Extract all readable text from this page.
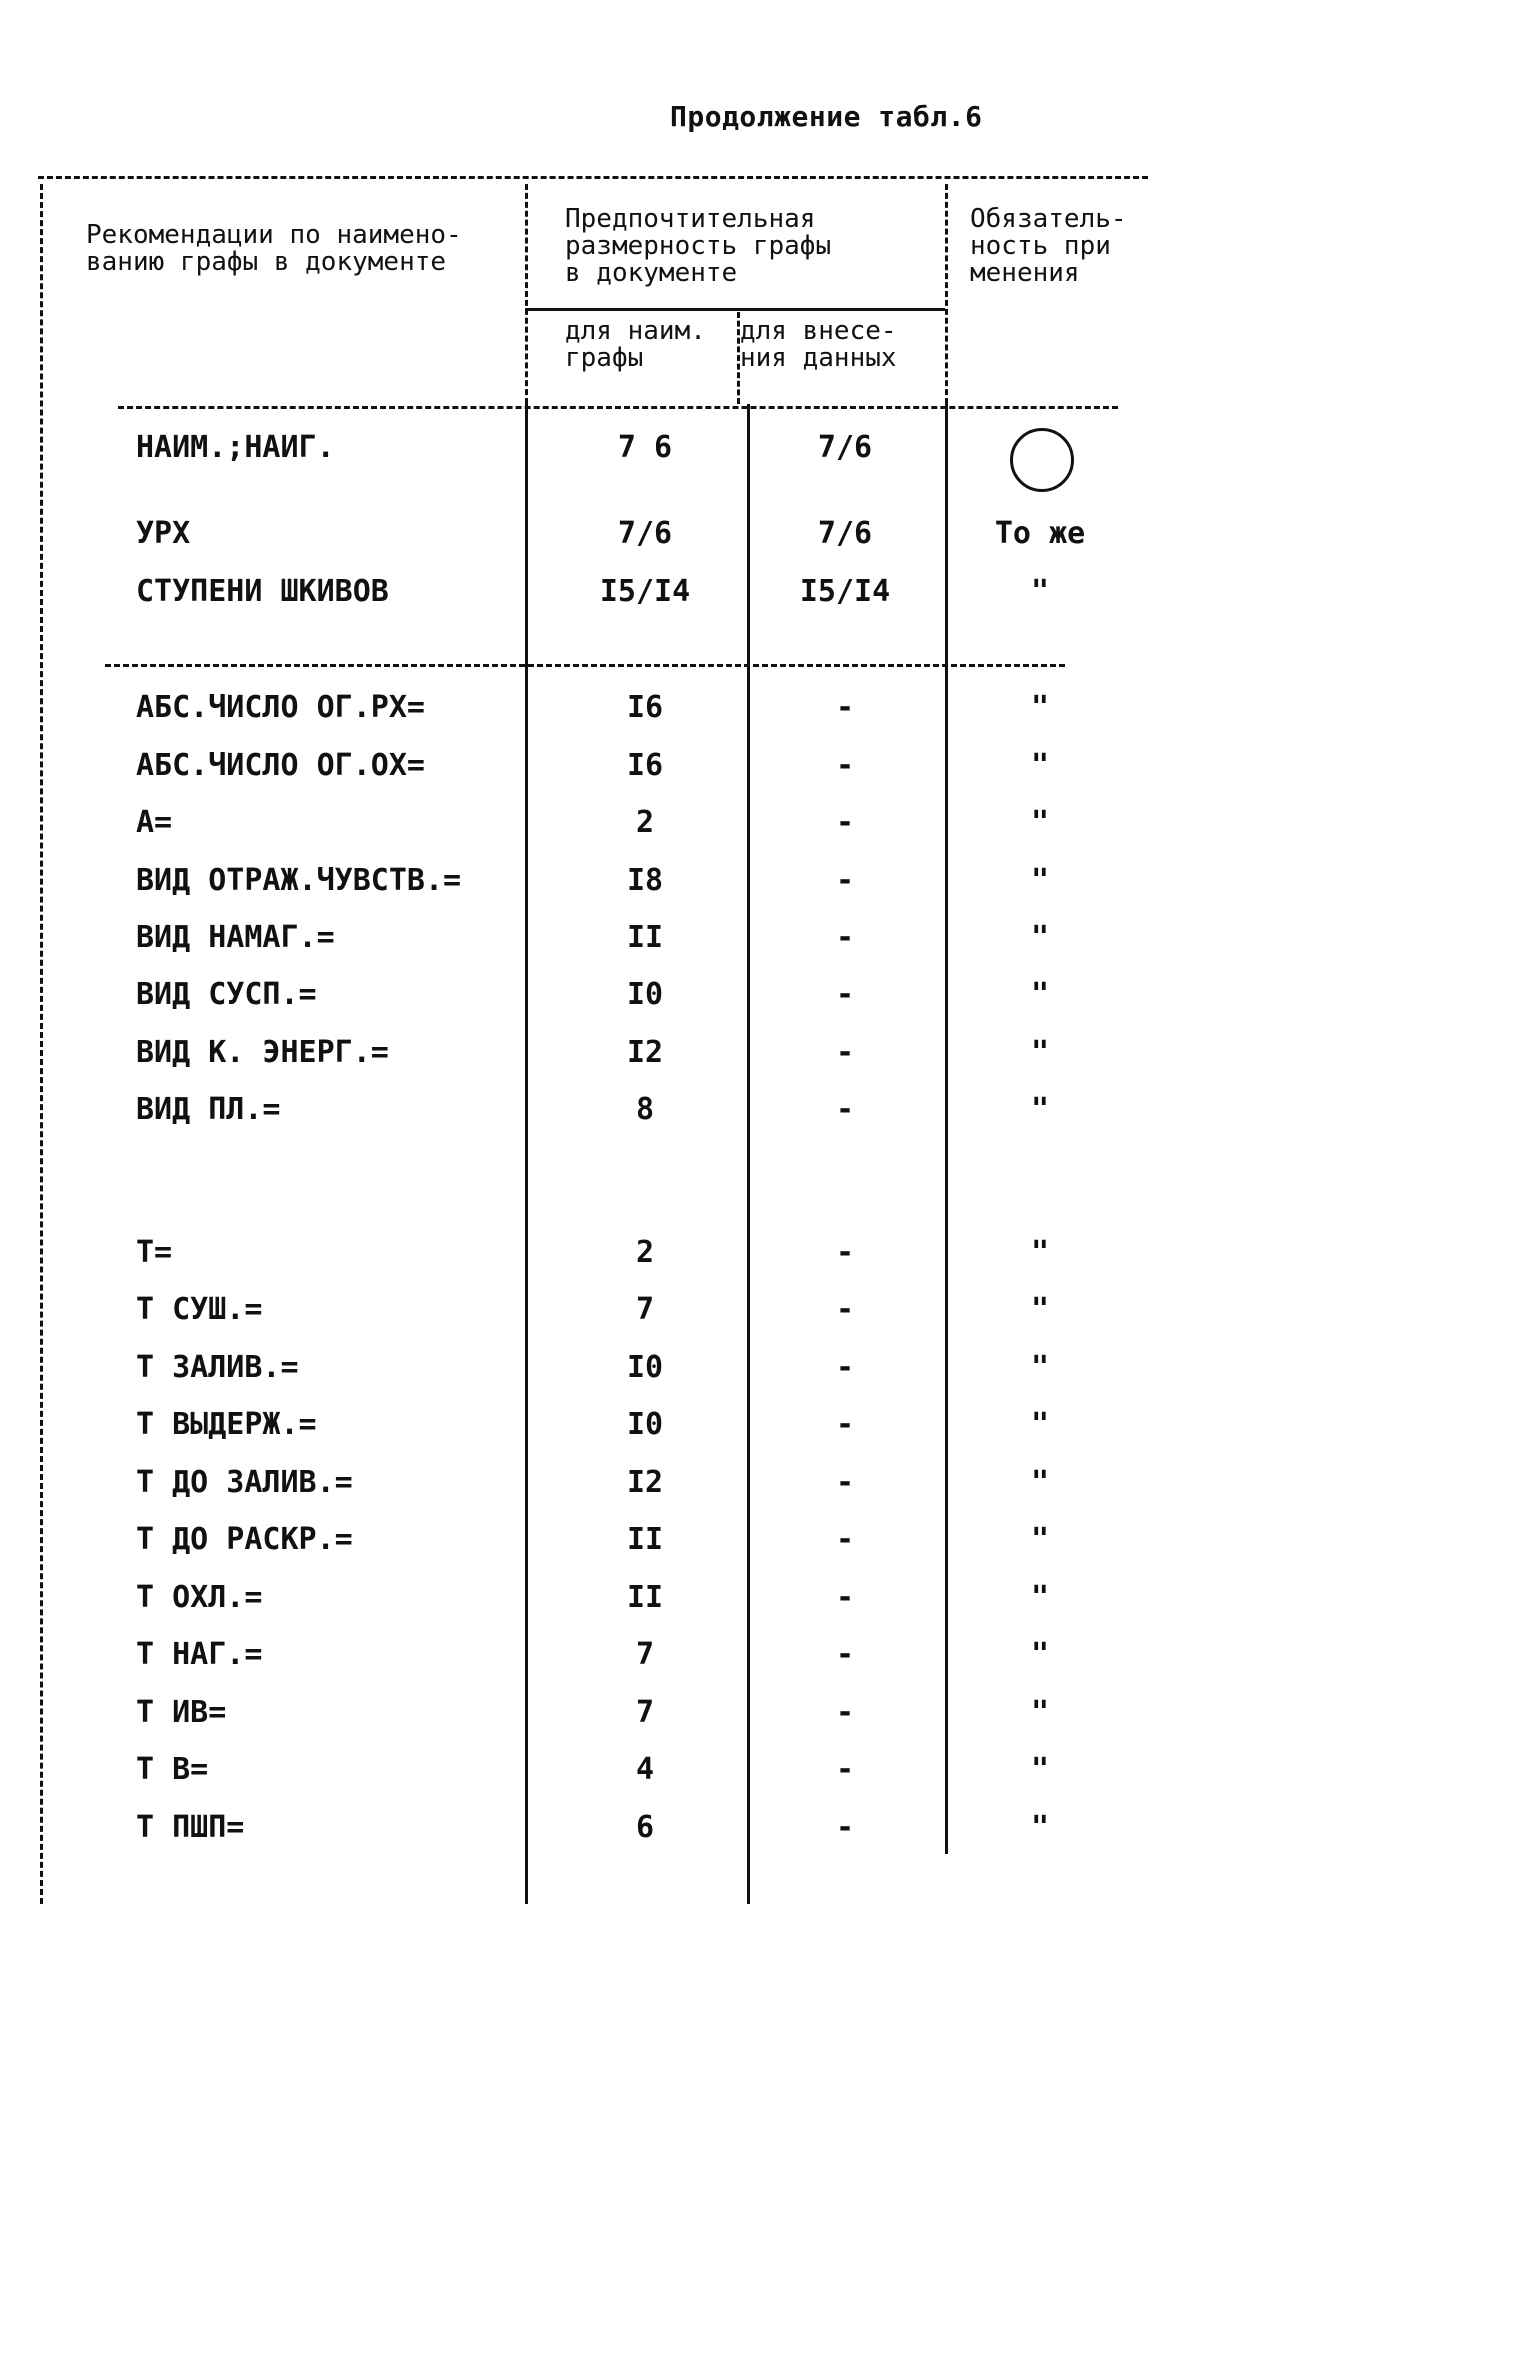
Продолжение табл.6
Рекомендации по наимено-
ванию графы в документе
Предпочтительная
размерность графы
в документе
для наим.
графы
для внесе-
ния данных
Обязатель-
ность при
менения
НАИМ.;НАИГ.	7 6	7/6
УРХ	7/6	7/6	То же
СТУПЕНИ ШКИВОВ	I5/I4	I5/I4	"
АБС.ЧИСЛО ОГ.РХ=	I6	-	"
АБС.ЧИСЛО ОГ.ОХ=	I6	-	"
А=	2	-	"
ВИД ОТРАЖ.ЧУВСТВ.=	I8	-	"
ВИД НАМАГ.=	II	-	"
ВИД СУСП.=	I0	-	"
ВИД К. ЭНЕРГ.=	I2	-	"
ВИД ПЛ.=	8	-	"
Т=	2	-	"
Т СУШ.=	7	-	"
Т ЗАЛИВ.=	I0	-	"
Т ВЫДЕРЖ.=	I0	-	"
Т ДО ЗАЛИВ.=	I2	-	"
Т ДО РАСКР.=	II	-	"
Т ОХЛ.=	II	-	"
Т НАГ.=	7	-	"
Т ИВ=	7	-	"
Т В=	4	-	"
Т ПШП=	6	-	"
